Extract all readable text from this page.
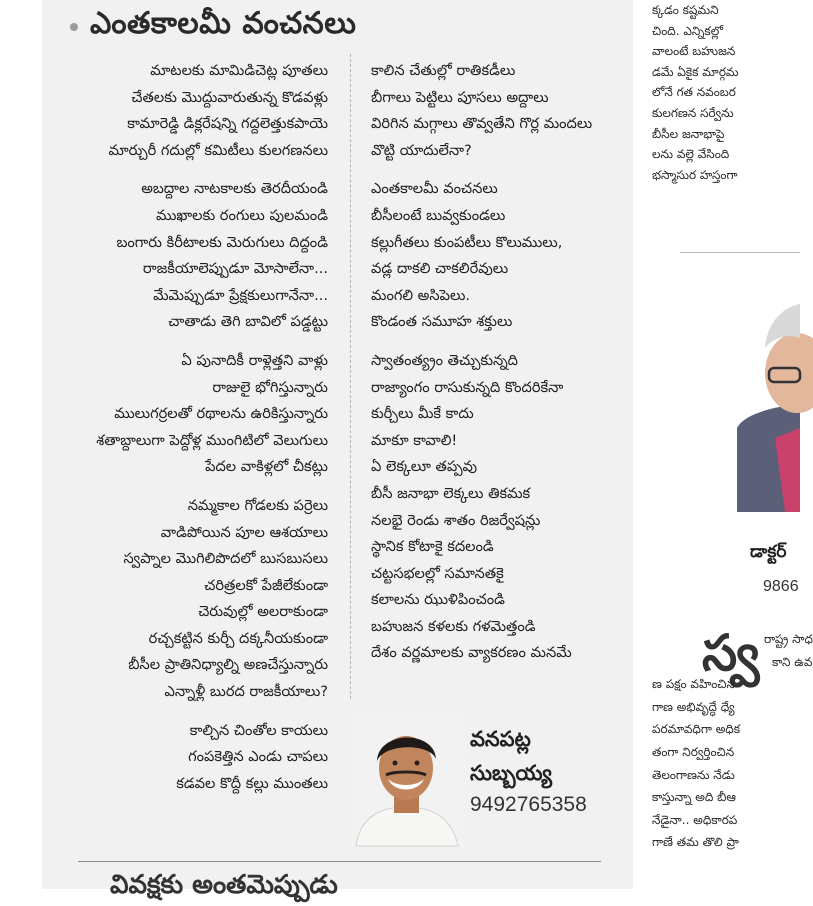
ఎంతకాలమీ వంచనలు
మాటలకు మామిడిచెట్ల పూతలు
చేతలకు మొద్దువారుతున్న కొడవళ్లు
కామారెడ్డి డిక్లరేషన్ని గద్దలెత్తుకపాయె
మార్చురీ గదుల్లో కమిటీలు కులగణనలు
అబద్దాల నాటకాలకు తెరదీయండి
ముఖాలకు రంగులు పులమండి
బంగారు కిరీటాలకు మెరుగులు దిద్దండి
రాజకీయాలెప్పుడూ మోసాలేనా...
మేమెప్పుడూ ప్రేక్షకులుగానేనా...
చాతాడు తెగి బావిలో పడ్డట్టు
ఏ పునాదికీ రాళ్లెత్తని వాళ్లు
రాజులై భోగిస్తున్నారు
ములుగర్రలతో రథాలను ఉరికిస్తున్నారు
శతాబ్దాలుగా పెద్దోళ్ల ముంగిటిలో వెలుగులు
పేదల వాకిళ్లలో చీకట్లు
నమ్మకాల గోడలకు పర్రెలు
వాడిపోయిన పూల ఆశయాలు
స్వప్నాల మొగిలిపొదలో బుసబుసలు
చరిత్రలకో పేజీలేకుండా
చెరువుల్లో అలరాకుండా
రచ్చకట్టిన కుర్చీ దక్కనీయకుండా
బీసీల ప్రాతినిధ్యాల్ని అణచేస్తున్నారు
ఎన్నాళ్లీ బురద రాజకీయాలు?
కాల్చిన చింతోల కాయలు
గంపకెత్తిన ఎండు చాపలు
కడవల కొద్దీ కల్లు ముంతలు
కాలిన చేతుల్లో రాతికడీలు
బీగాలు పెట్టిలు పూసలు అద్దాలు
విరిగిన మగ్గాలు తొవ్వతేని గొర్ల మందలు
వొట్టి యాదులేనా?
ఎంతకాలమీ వంచనలు
బీసీలంటే బువ్వకుండలు
కల్లుగీతలు కుంపటీలు కొలుములు,
వడ్ల దాకలి చాకలిరేవులు
మంగలి అసిపెలు.
కొండంత సమూహ శక్తులు
స్వాతంత్య్రం తెచ్చుకున్నది
రాజ్యాంగం రాసుకున్నది కొందరికేనా
కుర్చీలు మీకే కాదు
మాకూ కావాలి!
ఏ లెక్కలూ తప్పవు
బీసీ జనాభా లెక్కలు తికమక
నలభై రెండు శాతం రిజర్వేషన్లు
స్థానిక కోటాకై కదలండి
చట్టసభలల్లో సమానతకై
కలాలను ఝుళిపించండి
బహుజన కళలకు గళమెత్తండి
దేశం వర్ణమాలకు వ్యాకరణం మనమే
వనపట్ల
సుబ్బయ్య
9492765358
వివక్షకు అంతమెప్పుడు
క్కడం కష్టమని
చింది. ఎన్నికల్లో
వాలంటే బహుజన
డమే ఏకైక మార్గమ
లోనే గత నవంబర
కులగణన సర్వేను
బీసీల జనాభాపై
లను వల్లె వేసింది
భస్మాసుర హస్తంగా
డాక్టర్
9866
స్వ రాష్ట్ర సాధ
కాని ఉవ
ణ పక్షం వహించిన
గాణ అభివృద్ధే ధ్యే
పరమావధిగా అధిక
తంగా నిర్వర్తించిన
తెలంగాణను నేడు
కాస్తున్నా అది బీఆ
నేడైనా.. అధికారప
గాణే తమ తొలి ప్రా
